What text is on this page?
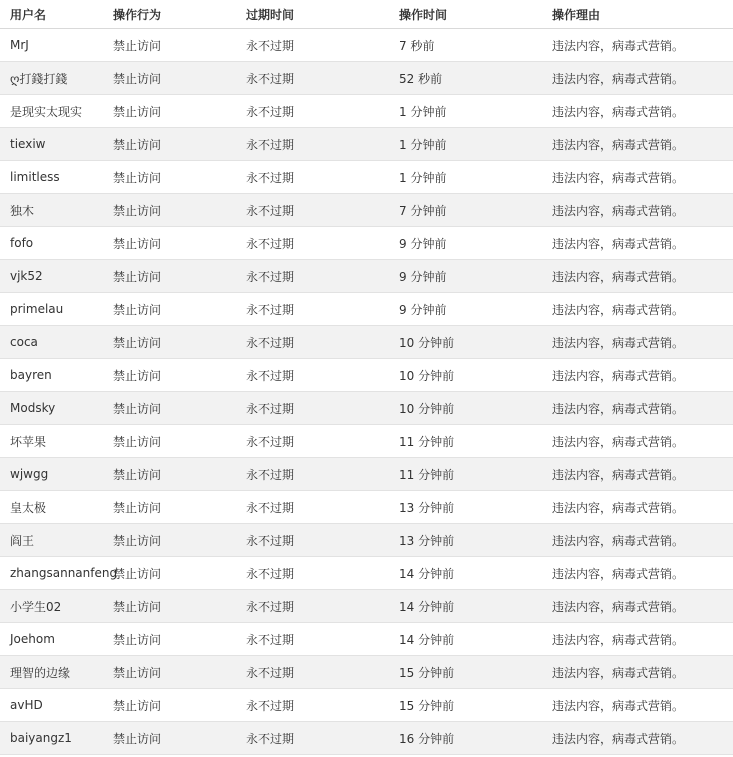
用户名	操作行为	过期时间	操作时间	操作理由
MrJ	禁止访问	永不过期	7 秒前	违法内容，病毒式营销。
ღ打錢打錢	禁止访问	永不过期	52 秒前	违法内容，病毒式营销。
是现实太现实	禁止访问	永不过期	1 分钟前	违法内容，病毒式营销。
tiexiw	禁止访问	永不过期	1 分钟前	违法内容，病毒式营销。
limitless	禁止访问	永不过期	1 分钟前	违法内容，病毒式营销。
独木	禁止访问	永不过期	7 分钟前	违法内容，病毒式营销。
fofo	禁止访问	永不过期	9 分钟前	违法内容，病毒式营销。
vjk52	禁止访问	永不过期	9 分钟前	违法内容，病毒式营销。
primelau	禁止访问	永不过期	9 分钟前	违法内容，病毒式营销。
coca	禁止访问	永不过期	10 分钟前	违法内容，病毒式营销。
bayren	禁止访问	永不过期	10 分钟前	违法内容，病毒式营销。
Modsky	禁止访问	永不过期	10 分钟前	违法内容，病毒式营销。
坏苹果	禁止访问	永不过期	11 分钟前	违法内容，病毒式营销。
wjwgg	禁止访问	永不过期	11 分钟前	违法内容，病毒式营销。
皇太极	禁止访问	永不过期	13 分钟前	违法内容，病毒式营销。
阎王	禁止访问	永不过期	13 分钟前	违法内容，病毒式营销。
zhangsannanfeng	禁止访问	永不过期	14 分钟前	违法内容，病毒式营销。
小学生02	禁止访问	永不过期	14 分钟前	违法内容，病毒式营销。
Joehom	禁止访问	永不过期	14 分钟前	违法内容，病毒式营销。
理智的边缘	禁止访问	永不过期	15 分钟前	违法内容，病毒式营销。
avHD	禁止访问	永不过期	15 分钟前	违法内容，病毒式营销。
baiyangz1	禁止访问	永不过期	16 分钟前	违法内容，病毒式营销。
